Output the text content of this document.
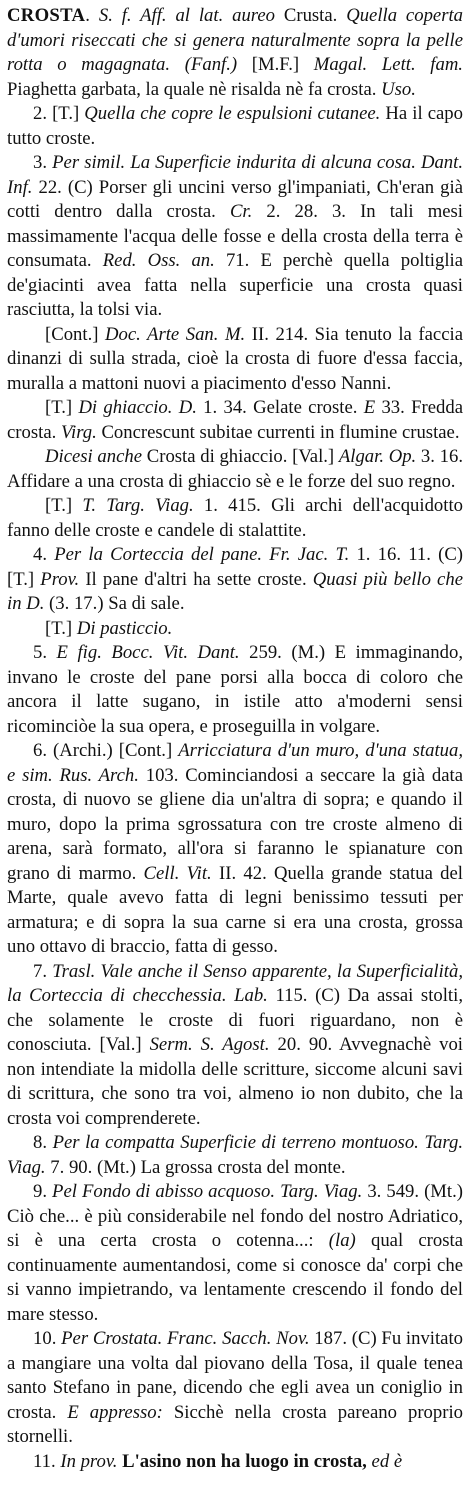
CROSTA. S. f. Aff. al lat. aureo Crusta. Quella coperta d'umori riseccati che si genera naturalmente sopra la pelle rotta o magagnata. (Fanf.) [M.F.] Magal. Lett. fam. Piaghetta garbata, la quale nè risalda nè fa crosta. Uso.

2. [T.] Quella che copre le espulsioni cutanee. Ha il capo tutto croste.

3. Per simil. La Superficie indurita di alcuna cosa. Dant. Inf. 22. (C) Porser gli uncini verso gl'impaniati, Ch'eran già cotti dentro dalla crosta. Cr. 2. 28. 3. In tali mesi massimamente l'acqua delle fosse e della crosta della terra è consumata. Red. Oss. an. 71. E perchè quella poltiglia de'giacinti avea fatta nella superficie una crosta quasi rasciutta, la tolsi via.

[Cont.] Doc. Arte San. M. II. 214. Sia tenuto la faccia dinanzi di sulla strada, cioè la crosta di fuore d'essa faccia, muralla a mattoni nuovi a piacimento d'esso Nanni.

[T.] Di ghiaccio. D. 1. 34. Gelate croste. E 33. Fredda crosta. Virg. Concrescunt subitae currenti in flumine crustae.

Dicesi anche Crosta di ghiaccio. [Val.] Algar. Op. 3. 16. Affidare a una crosta di ghiaccio sè e le forze del suo regno.

[T.] T. Targ. Viag. 1. 415. Gli archi dell'acquidotto fanno delle croste e candele di stalattite.

4. Per la Corteccia del pane. Fr. Jac. T. 1. 16. 11. (C) [T.] Prov. Il pane d'altri ha sette croste. Quasi più bello che in D. (3. 17.) Sa di sale.

[T.] Di pasticcio.

5. E fig. Bocc. Vit. Dant. 259. (M.) E immaginando, invano le croste del pane porsi alla bocca di coloro che ancora il latte sugano, in istile atto a'moderni sensi ricominciòe la sua opera, e proseguilla in volgare.

6. (Archi.) [Cont.] Arricciatura d'un muro, d'una statua, e sim. Rus. Arch. 103. Cominciandosi a seccare la già data crosta, di nuovo se gliene dia un'altra di sopra; e quando il muro, dopo la prima sgrossatura con tre croste almeno di arena, sarà formato, all'ora si faranno le spianature con grano di marmo. Cell. Vit. II. 42. Quella grande statua del Marte, quale avevo fatta di legni benissimo tessuti per armatura; e di sopra la sua carne si era una crosta, grossa uno ottavo di braccio, fatta di gesso.

7. Trasl. Vale anche il Senso apparente, la Superficialità, la Corteccia di checchessia. Lab. 115. (C) Da assai stolti, che solamente le croste di fuori riguardano, non è conosciuta. [Val.] Serm. S. Agost. 20. 90. Avvegnachè voi non intendiate la midolla delle scritture, siccome alcuni savi di scrittura, che sono tra voi, almeno io non dubito, che la crosta voi comprenderete.

8. Per la compatta Superficie di terreno montuoso. Targ. Viag. 7. 90. (Mt.) La grossa crosta del monte.

9. Pel Fondo di abisso acquoso. Targ. Viag. 3. 549. (Mt.) Ciò che... è più considerabile nel fondo del nostro Adriatico, si è una certa crosta o cotenna...: (la) qual crosta continuamente aumentandosi, come si conosce da' corpi che si vanno impietrando, va lentamente crescendo il fondo del mare stesso.

10. Per Crostata. Franc. Sacch. Nov. 187. (C) Fu invitato a mangiare una volta dal piovano della Tosa, il quale tenea santo Stefano in pane, dicendo che egli avea un coniglio in crosta. E appresso: Sicchè nella crosta pareano proprio stornelli.

11. In prov. L'asino non ha luogo in crosta, ed è
